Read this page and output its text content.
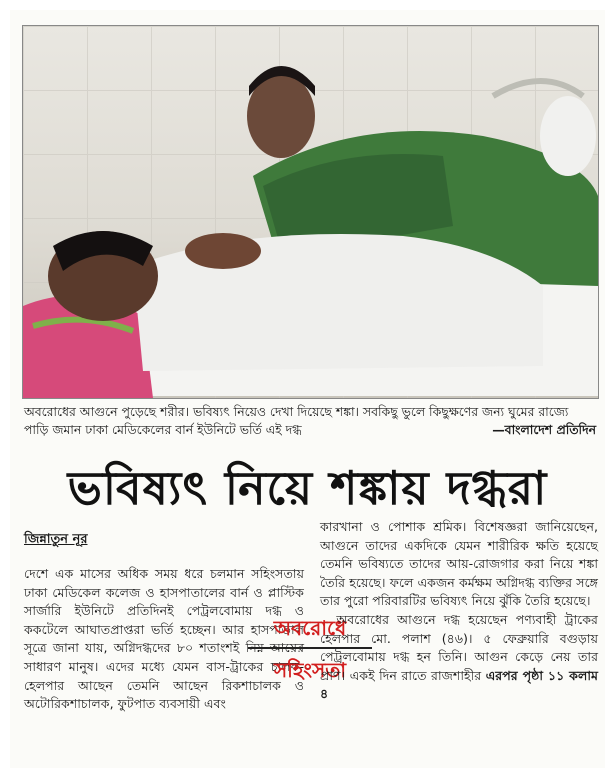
অবরোধের আগুনে পুড়েছে শরীর। ভবিষ্যৎ নিয়েও দেখা দিয়েছে শঙ্কা। সবকিছু ভুলে কিছুক্ষণের জন্য ঘুমের রাজ্যে পাড়ি জমান ঢাকা মেডিকেলের বার্ন ইউনিটে ভর্তি এই দগ্ধ	—বাংলাদেশ প্রতিদিন
ভবিষ্যৎ নিয়ে শঙ্কায় দগ্ধরা
জিন্নাতুন নূর
দেশে এক মাসের অধিক সময় ধরে চলমান সহিংসতায় ঢাকা মেডিকেল কলেজ ও হাসপাতালের বার্ন ও প্লাস্টিক সার্জারি ইউনিটে প্রতিদিনই পেট্রলবোমায় দগ্ধ ও ককটেলে আঘাতপ্রাপ্তরা ভর্তি হচ্ছেন। আর হাসপাতাল সূত্রে জানা যায়, অগ্নিদগ্ধদের ৮০ শতাংশই নিম্ন আয়ের সাধারণ মানুষ। এদের মধ্যে যেমন বাস-ট্রাকের চালক-হেলপার আছেন তেমনি আছেন রিকশাচালক ও অটোরিকশাচালক, ফুটপাত ব্যবসায়ী এবং
অবরোধে
সহিংসতা
কারখানা ও পোশাক শ্রমিক। বিশেষজ্ঞরা জানিয়েছেন, আগুনে তাদের একদিকে যেমন শারীরিক ক্ষতি হয়েছে তেমনি ভবিষ্যতে তাদের আয়-রোজগার করা নিয়ে শঙ্কা তৈরি হয়েছে। ফলে একজন কর্মক্ষম অগ্নিদগ্ধ ব্যক্তির সঙ্গে তার পুরো পরিবারটির ভবিষ্যৎ নিয়ে ঝুঁকি তৈরি হয়েছে।
অবরোধের আগুনে দগ্ধ হয়েছেন পণ্যবাহী ট্রাকের হেলপার মো. পলাশ (৪৬)। ৫ ফেব্রুয়ারি বগুড়ায় পেট্রলবোমায় দগ্ধ হন তিনি। আগুন কেড়ে নেয় তার প্রাণ। একই দিন রাতে রাজশাহীর এরপর পৃষ্ঠা ১১ কলাম ৪
